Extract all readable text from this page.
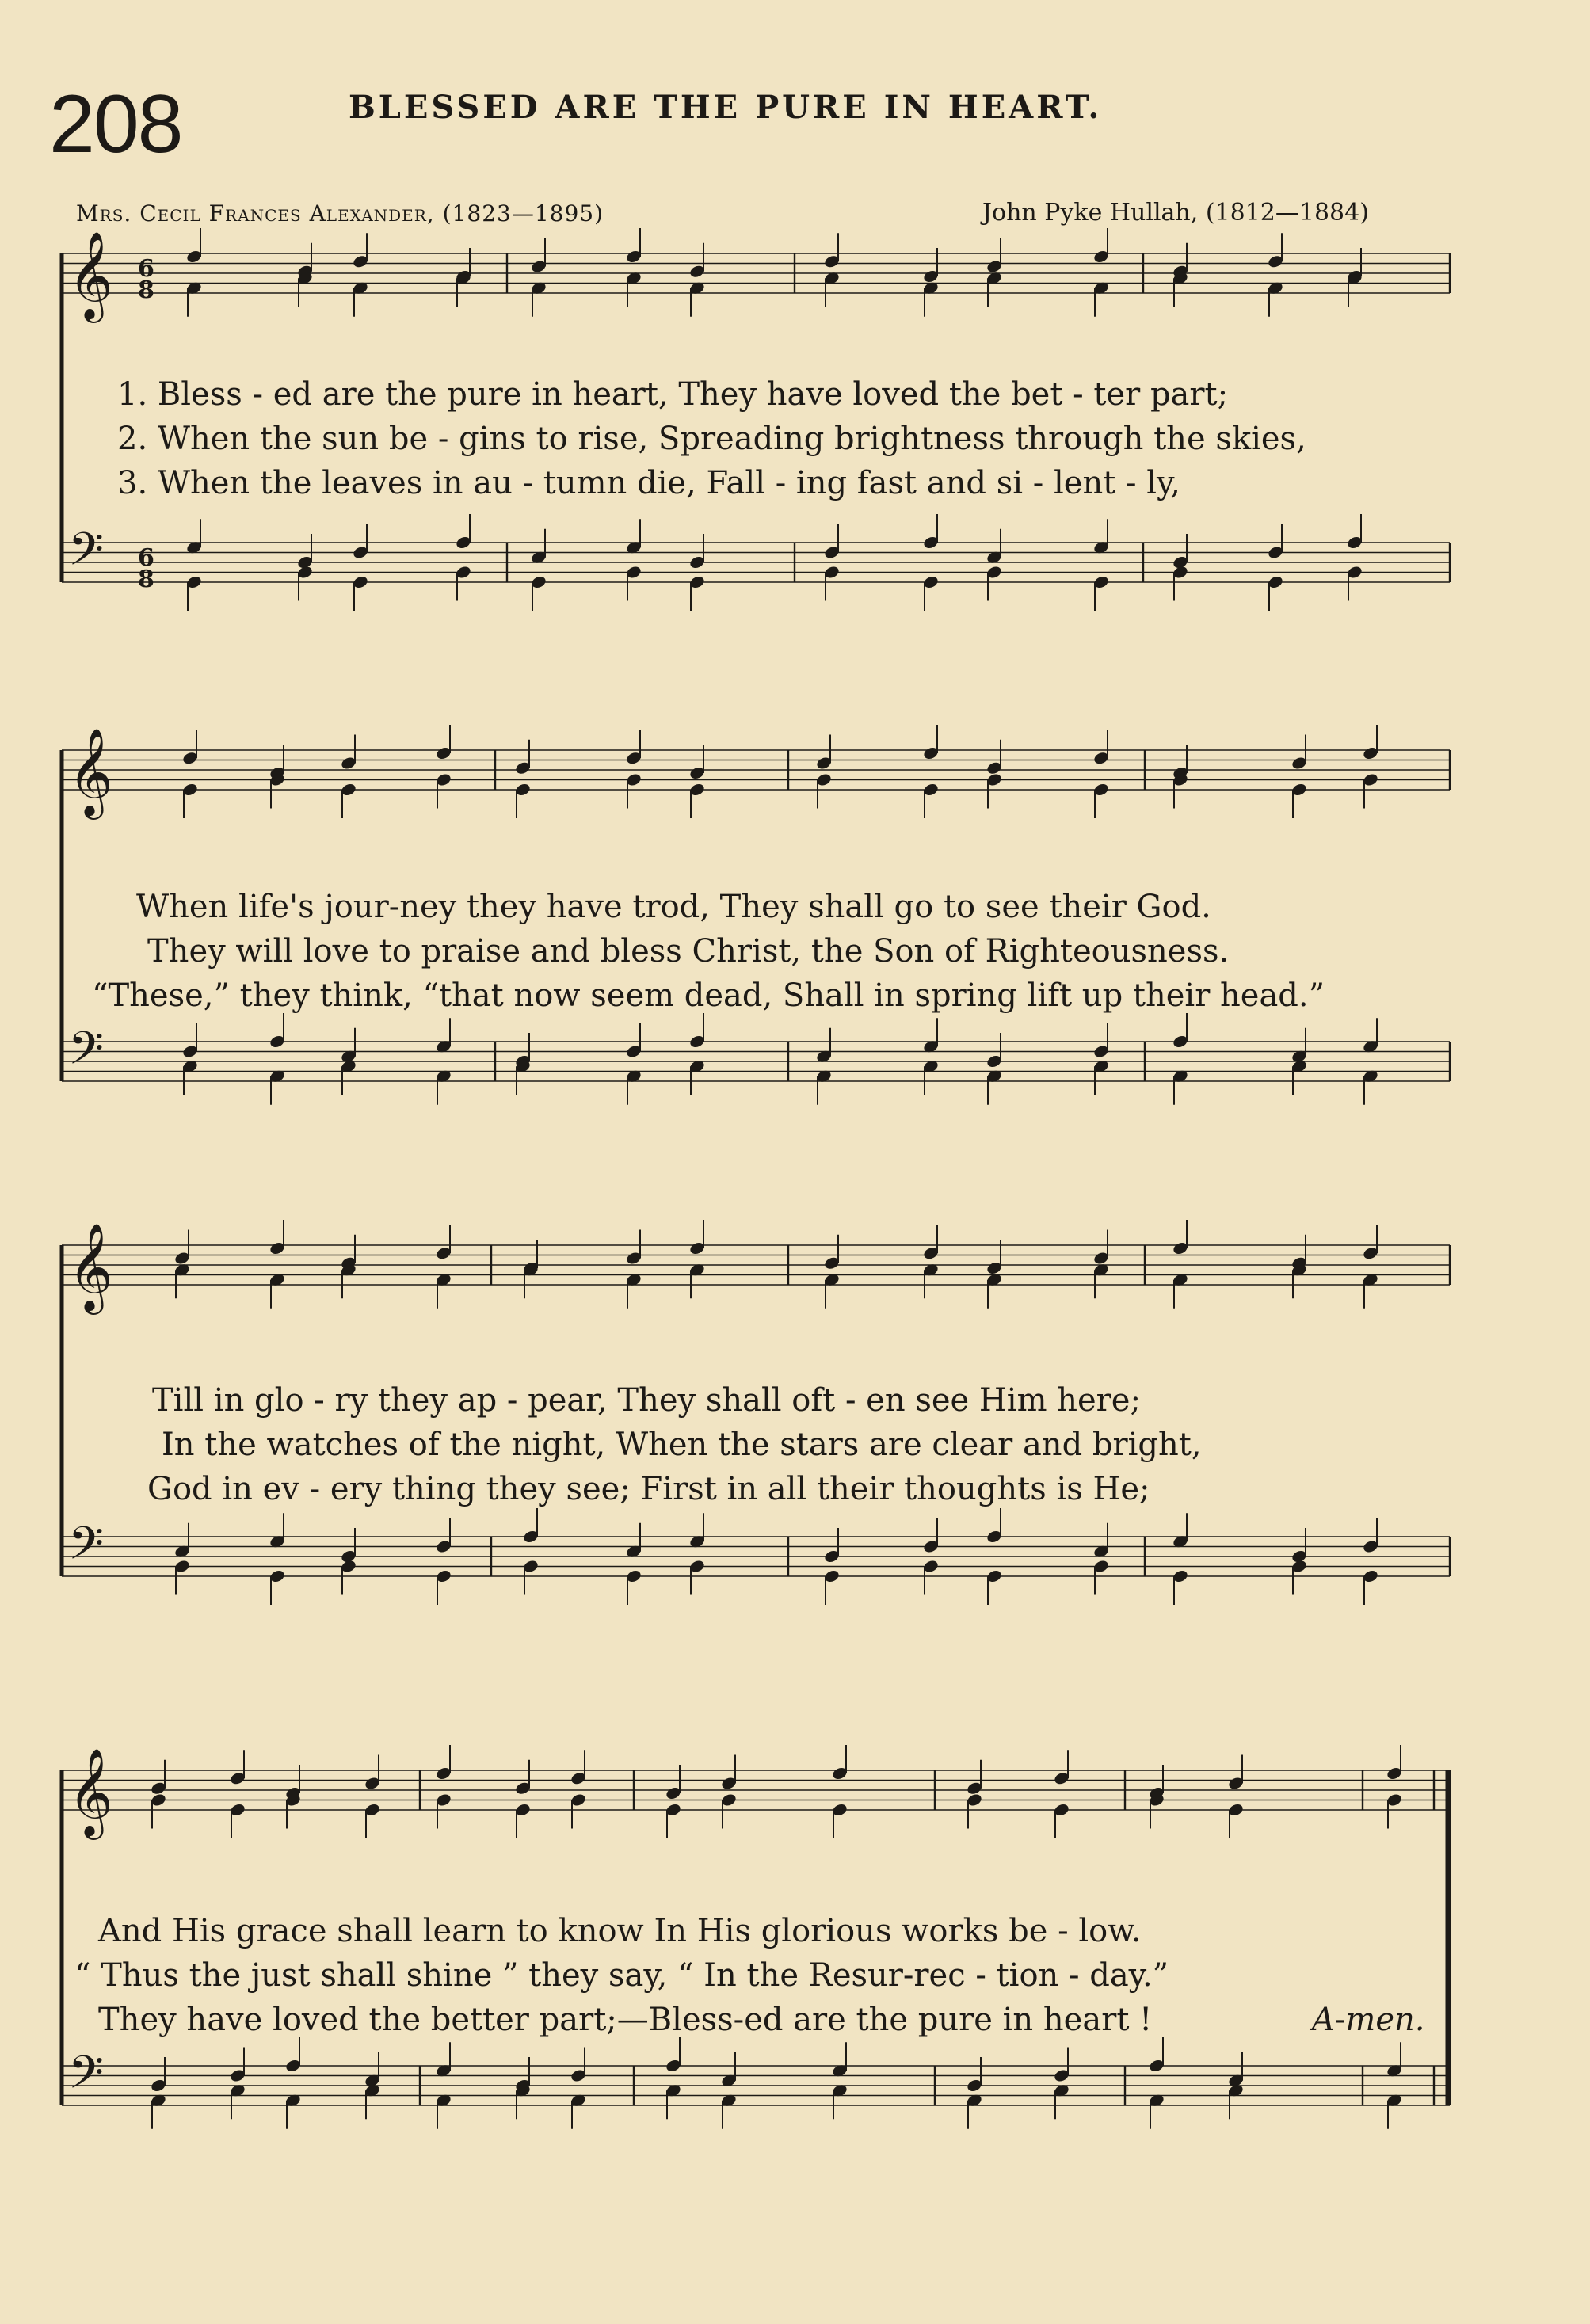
208	BLESSED ARE THE PURE IN HEART.
Mrs. Cecil Frances Alexander, (1823—1895)	John Pyke Hullah, (1812—1884)
𝄞 6
8
𝄢 6
8
𝄞
𝄢
𝄞
𝄢
𝄞
𝄢
1. Bless - ed are the pure in heart, They have loved the bet - ter part;
2. When the sun be - gins to rise, Spreading brightness through the skies,
3. When the leaves in au - tumn die, Fall - ing fast and si - lent - ly,
When life's jour-ney they have trod, They shall go to see their God.
They will love to praise and bless Christ, the Son of Righteousness.
“These,” they think, “that now seem dead, Shall in spring lift up their head.”
Till in glo - ry they ap - pear, They shall oft - en see Him here;
In the watches of the night, When the stars are clear and bright,
God in ev - ery thing they see; First in all their thoughts is He;
And His grace shall learn to know In His glorious works be - low.
“ Thus the just shall shine ” they say, “ In the Resur-rec - tion - day.”
They have loved the better part;—Bless-ed are the pure in heart !	A-men.
